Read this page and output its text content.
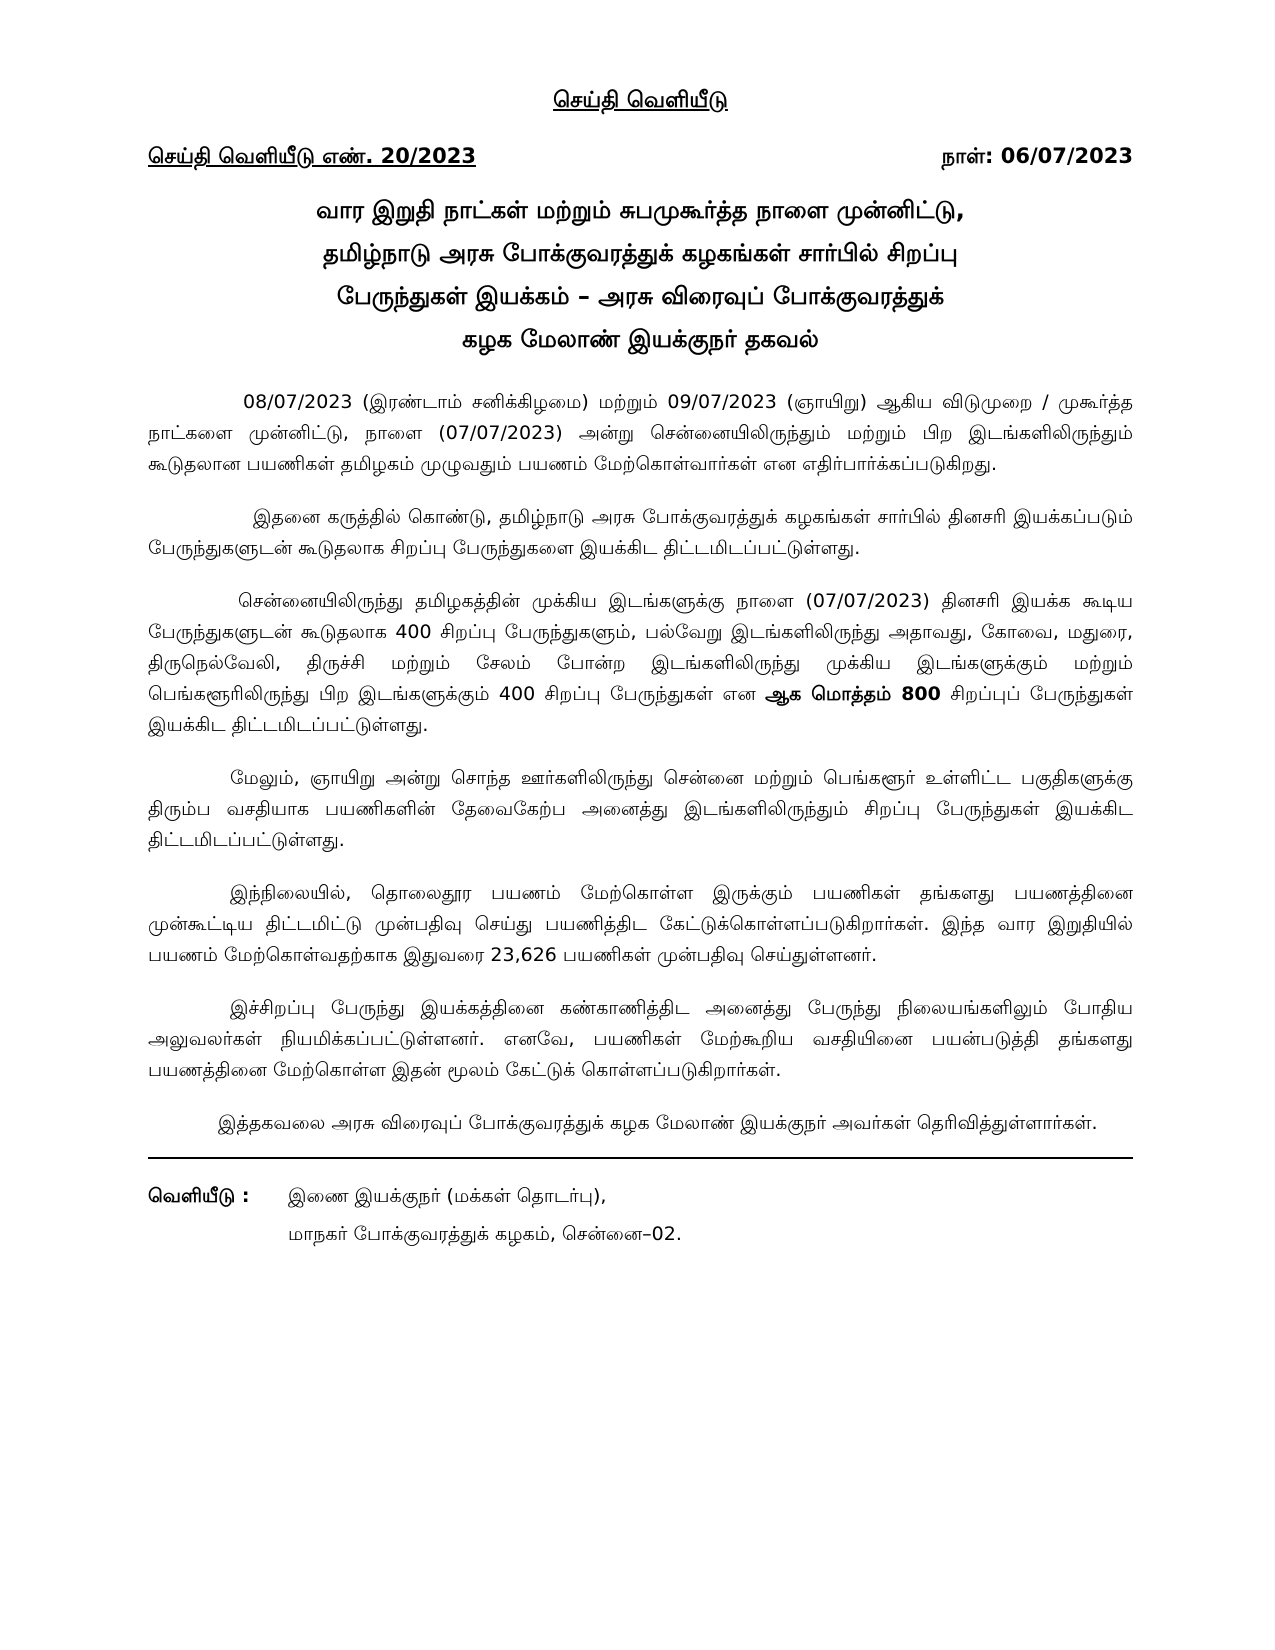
செய்தி வெளியீடு
செய்தி வெளியீடு எண். 20/2023	நாள்: 06/07/2023
வார இறுதி நாட்கள் மற்றும் சுபமுகூர்த்த நாளை முன்னிட்டு,
தமிழ்நாடு அரசு போக்குவரத்துக் கழகங்கள் சார்பில் சிறப்பு
பேருந்துகள் இயக்கம் – அரசு விரைவுப் போக்குவரத்துக்
கழக மேலாண் இயக்குநர் தகவல்

08/07/2023 (இரண்டாம் சனிக்கிழமை) மற்றும் 09/07/2023 (ஞாயிறு) ஆகிய விடுமுறை / முகூர்த்த நாட்களை முன்னிட்டு, நாளை (07/07/2023) அன்று சென்னையிலிருந்தும் மற்றும் பிற இடங்களிலிருந்தும் கூடுதலான பயணிகள் தமிழகம் முழுவதும் பயணம் மேற்கொள்வார்கள் என எதிர்பார்க்கப்படுகிறது.

இதனை கருத்தில் கொண்டு, தமிழ்நாடு அரசு போக்குவரத்துக் கழகங்கள் சார்பில் தினசரி இயக்கப்படும் பேருந்துகளுடன் கூடுதலாக சிறப்பு பேருந்துகளை இயக்கிட திட்டமிடப்பட்டுள்ளது.

சென்னையிலிருந்து தமிழகத்தின் முக்கிய இடங்களுக்கு நாளை (07/07/2023) தினசரி இயக்க கூடிய பேருந்துகளுடன் கூடுதலாக 400 சிறப்பு பேருந்துகளும், பல்வேறு இடங்களிலிருந்து அதாவது, கோவை, மதுரை, திருநெல்வேலி, திருச்சி மற்றும் சேலம் போன்ற இடங்களிலிருந்து முக்கிய இடங்களுக்கும் மற்றும் பெங்களூரிலிருந்து பிற இடங்களுக்கும் 400 சிறப்பு பேருந்துகள் என ஆக மொத்தம் 800 சிறப்புப் பேருந்துகள் இயக்கிட திட்டமிடப்பட்டுள்ளது.

மேலும், ஞாயிறு அன்று சொந்த ஊர்களிலிருந்து சென்னை மற்றும் பெங்களூர் உள்ளிட்ட பகுதிகளுக்கு திரும்ப வசதியாக பயணிகளின் தேவைகேற்ப அனைத்து இடங்களிலிருந்தும் சிறப்பு பேருந்துகள் இயக்கிட திட்டமிடப்பட்டுள்ளது.

இந்நிலையில், தொலைதூர பயணம் மேற்கொள்ள இருக்கும் பயணிகள் தங்களது பயணத்தினை முன்கூட்டிய திட்டமிட்டு முன்பதிவு செய்து பயணித்திட கேட்டுக்கொள்ளப்படுகிறார்கள். இந்த வார இறுதியில் பயணம் மேற்கொள்வதற்காக இதுவரை 23,626 பயணிகள் முன்பதிவு செய்துள்ளனர்.

இச்சிறப்பு பேருந்து இயக்கத்தினை கண்காணித்திட அனைத்து பேருந்து நிலையங்களிலும் போதிய அலுவலர்கள் நியமிக்கப்பட்டுள்ளனர். எனவே, பயணிகள் மேற்கூறிய வசதியினை பயன்படுத்தி தங்களது பயணத்தினை மேற்கொள்ள இதன் மூலம் கேட்டுக் கொள்ளப்படுகிறார்கள்.

இத்தகவலை அரசு விரைவுப் போக்குவரத்துக் கழக மேலாண் இயக்குநர் அவர்கள் தெரிவித்துள்ளார்கள்.

வெளியீடு :	இணை இயக்குநர் (மக்கள் தொடர்பு),
மாநகர் போக்குவரத்துக் கழகம், சென்னை–02.
